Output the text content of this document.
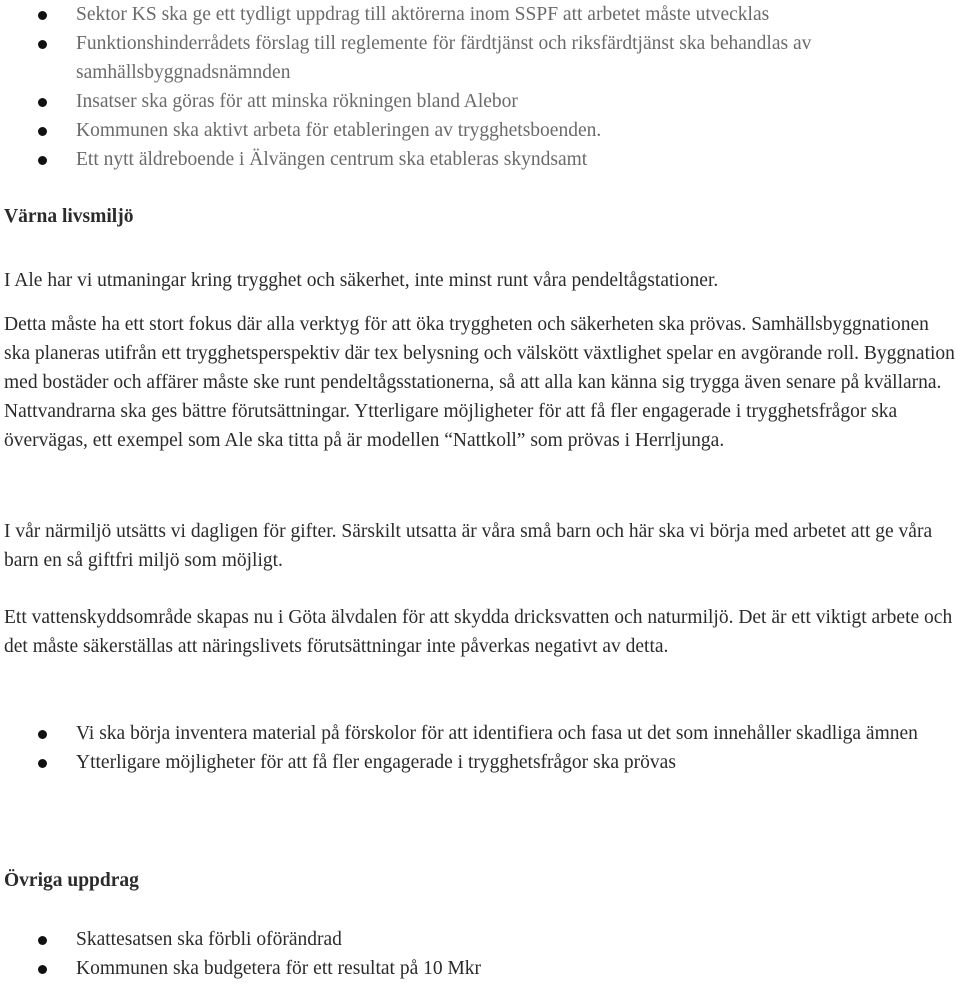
Sektor KS ska ge ett tydligt uppdrag till aktörerna inom SSPF att arbetet måste utvecklas
Funktionshinderrådets förslag till reglemente för färdtjänst och riksfärdtjänst ska behandlas av samhällsbyggnadsnämnden
Insatser ska göras för att minska rökningen bland Alebor
Kommunen ska aktivt arbeta för etableringen av trygghetsboenden.
Ett nytt äldreboende i Älvängen centrum ska etableras skyndsamt
Värna livsmiljö

I Ale har vi utmaningar kring trygghet och säkerhet, inte minst runt våra pendeltågstationer.

Detta måste ha ett stort fokus där alla verktyg för att öka tryggheten och säkerheten ska prövas. Samhällsbyggnationen ska planeras utifrån ett trygghetsperspektiv där tex belysning och välskött växtlighet spelar en avgörande roll. Byggnation med bostäder och affärer måste ske runt pendeltågsstationerna, så att alla kan känna sig trygga även senare på kvällarna. Nattvandrarna ska ges bättre förutsättningar. Ytterligare möjligheter för att få fler engagerade i trygghetsfrågor ska övervägas, ett exempel som Ale ska titta på är modellen “Nattkoll” som prövas i Herrljunga.

I vår närmiljö utsätts vi dagligen för gifter. Särskilt utsatta är våra små barn och här ska vi börja med arbetet att ge våra barn en så giftfri miljö som möjligt.

Ett vattenskyddsområde skapas nu i Göta älvdalen för att skydda dricksvatten och naturmiljö. Det är ett viktigt arbete och det måste säkerställas att näringslivets förutsättningar inte påverkas negativt av detta.

Vi ska börja inventera material på förskolor för att identifiera och fasa ut det som innehåller skadliga ämnen
Ytterligare möjligheter för att få fler engagerade i trygghetsfrågor ska prövas
Övriga uppdrag
Skattesatsen ska förbli oförändrad
Kommunen ska budgetera för ett resultat på 10 Mkr
